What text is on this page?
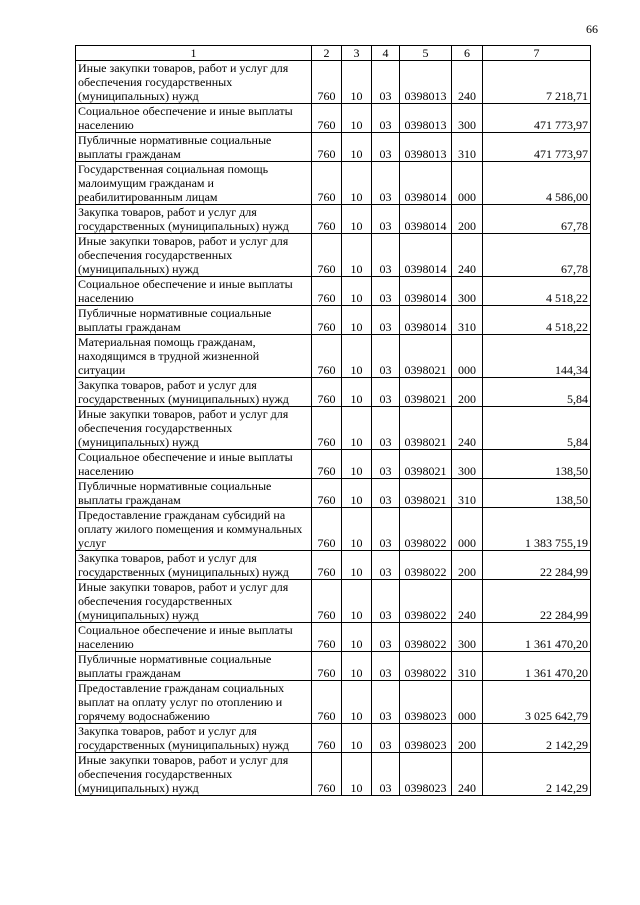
66
1	2	3	4	5	6	7
Иные закупки товаров, работ и услуг для обеспечения государственных (муниципальных) нужд	760	10	03	0398013	240	7 218,71
Социальное обеспечение и иные выплаты населению	760	10	03	0398013	300	471 773,97
Публичные нормативные социальные выплаты гражданам	760	10	03	0398013	310	471 773,97
Государственная социальная помощь малоимущим гражданам и реабилитированным лицам	760	10	03	0398014	000	4 586,00
Закупка товаров, работ и услуг для государственных (муниципальных) нужд	760	10	03	0398014	200	67,78
Иные закупки товаров, работ и услуг для обеспечения государственных (муниципальных) нужд	760	10	03	0398014	240	67,78
Социальное обеспечение и иные выплаты населению	760	10	03	0398014	300	4 518,22
Публичные нормативные социальные выплаты гражданам	760	10	03	0398014	310	4 518,22
Материальная помощь гражданам, находящимся в трудной жизненной ситуации	760	10	03	0398021	000	144,34
Закупка товаров, работ и услуг для государственных (муниципальных) нужд	760	10	03	0398021	200	5,84
Иные закупки товаров, работ и услуг для обеспечения государственных (муниципальных) нужд	760	10	03	0398021	240	5,84
Социальное обеспечение и иные выплаты населению	760	10	03	0398021	300	138,50
Публичные нормативные социальные выплаты гражданам	760	10	03	0398021	310	138,50
Предоставление гражданам субсидий на оплату жилого помещения и коммунальных услуг	760	10	03	0398022	000	1 383 755,19
Закупка товаров, работ и услуг для государственных (муниципальных) нужд	760	10	03	0398022	200	22 284,99
Иные закупки товаров, работ и услуг для обеспечения государственных (муниципальных) нужд	760	10	03	0398022	240	22 284,99
Социальное обеспечение и иные выплаты населению	760	10	03	0398022	300	1 361 470,20
Публичные нормативные социальные выплаты гражданам	760	10	03	0398022	310	1 361 470,20
Предоставление гражданам социальных выплат на оплату услуг по отоплению и горячему водоснабжению	760	10	03	0398023	000	3 025 642,79
Закупка товаров, работ и услуг для государственных (муниципальных) нужд	760	10	03	0398023	200	2 142,29
Иные закупки товаров, работ и услуг для обеспечения государственных (муниципальных) нужд	760	10	03	0398023	240	2 142,29
